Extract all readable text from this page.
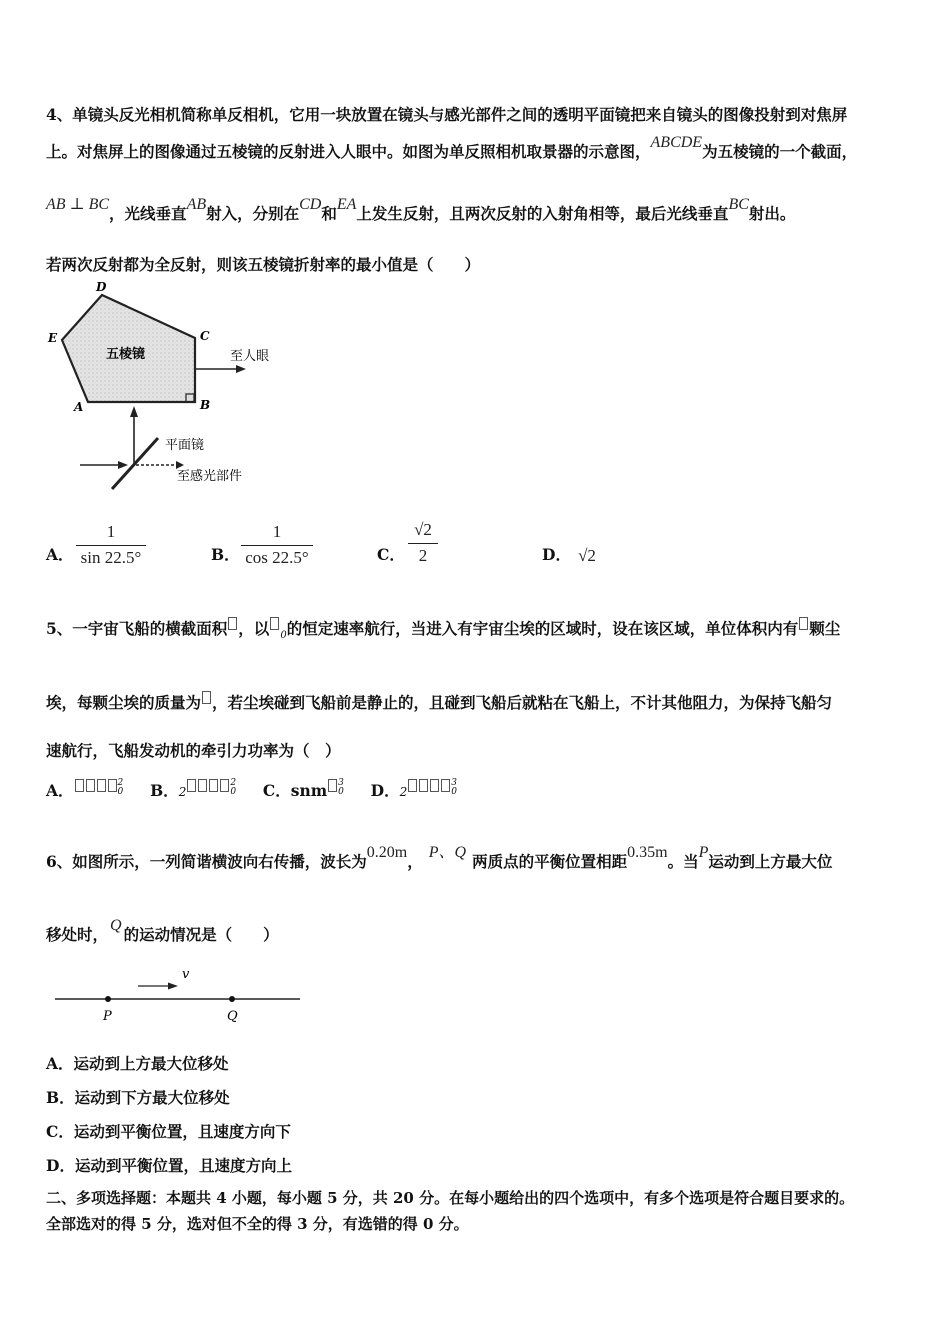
4、单镜头反光相机简称单反相机，它用一块放置在镜头与感光部件之间的透明平面镜把来自镜头的图像投射到对焦屏
上。对焦屏上的图像通过五棱镜的反射进入人眼中。如图为单反照相机取景器的示意图，ABCDE为五棱镜的一个截面，
AB ⊥ BC，光线垂直AB射入，分别在CD和EA上发生反射，且两次反射的入射角相等，最后光线垂直BC射出。
若两次反射都为全反射，则该五棱镜折射率的最小值是（　　）
D
E	C
A	B
五棱镜	至人眼
平面镜
至感光部件
A． $\frac{1}{\sin 22.5^\circ}$	B． $\frac{1}{\cos 22.5^\circ}$	C． $\frac{√2}{2}$	D． √2
5、一宇宙飞船的横截面积 ，以 $_0$的恒定速率航行，当进入有宇宙尘埃的区域时，设在该区域，单位体积内有 颗尘
埃，每颗尘埃的质量为 ，若尘埃碰到飞船前是静止的，且碰到飞船后就粘在飞船上，不计其他阻力，为保持飞船匀
速航行，飞船发动机的牵引力功率为（　）
A．	2
0 B．22
0 C．snm 3
0 D．23
0
6、如图所示，一列简谐横波向右传播，波长为0.20m， P、Q 两质点的平衡位置相距0.35m。当P运动到上方最大位
移处时， Q 的运动情况是（　　）
v
P	Q
A．运动到上方最大位移处
B．运动到下方最大位移处
C．运动到平衡位置，且速度方向下
D．运动到平衡位置，且速度方向上
二、多项选择题：本题共 4 小题，每小题 5 分，共 20 分。在每小题给出的四个选项中，有多个选项是符合题目要求的。
全部选对的得 5 分，选对但不全的得 3 分，有选错的得 0 分。
